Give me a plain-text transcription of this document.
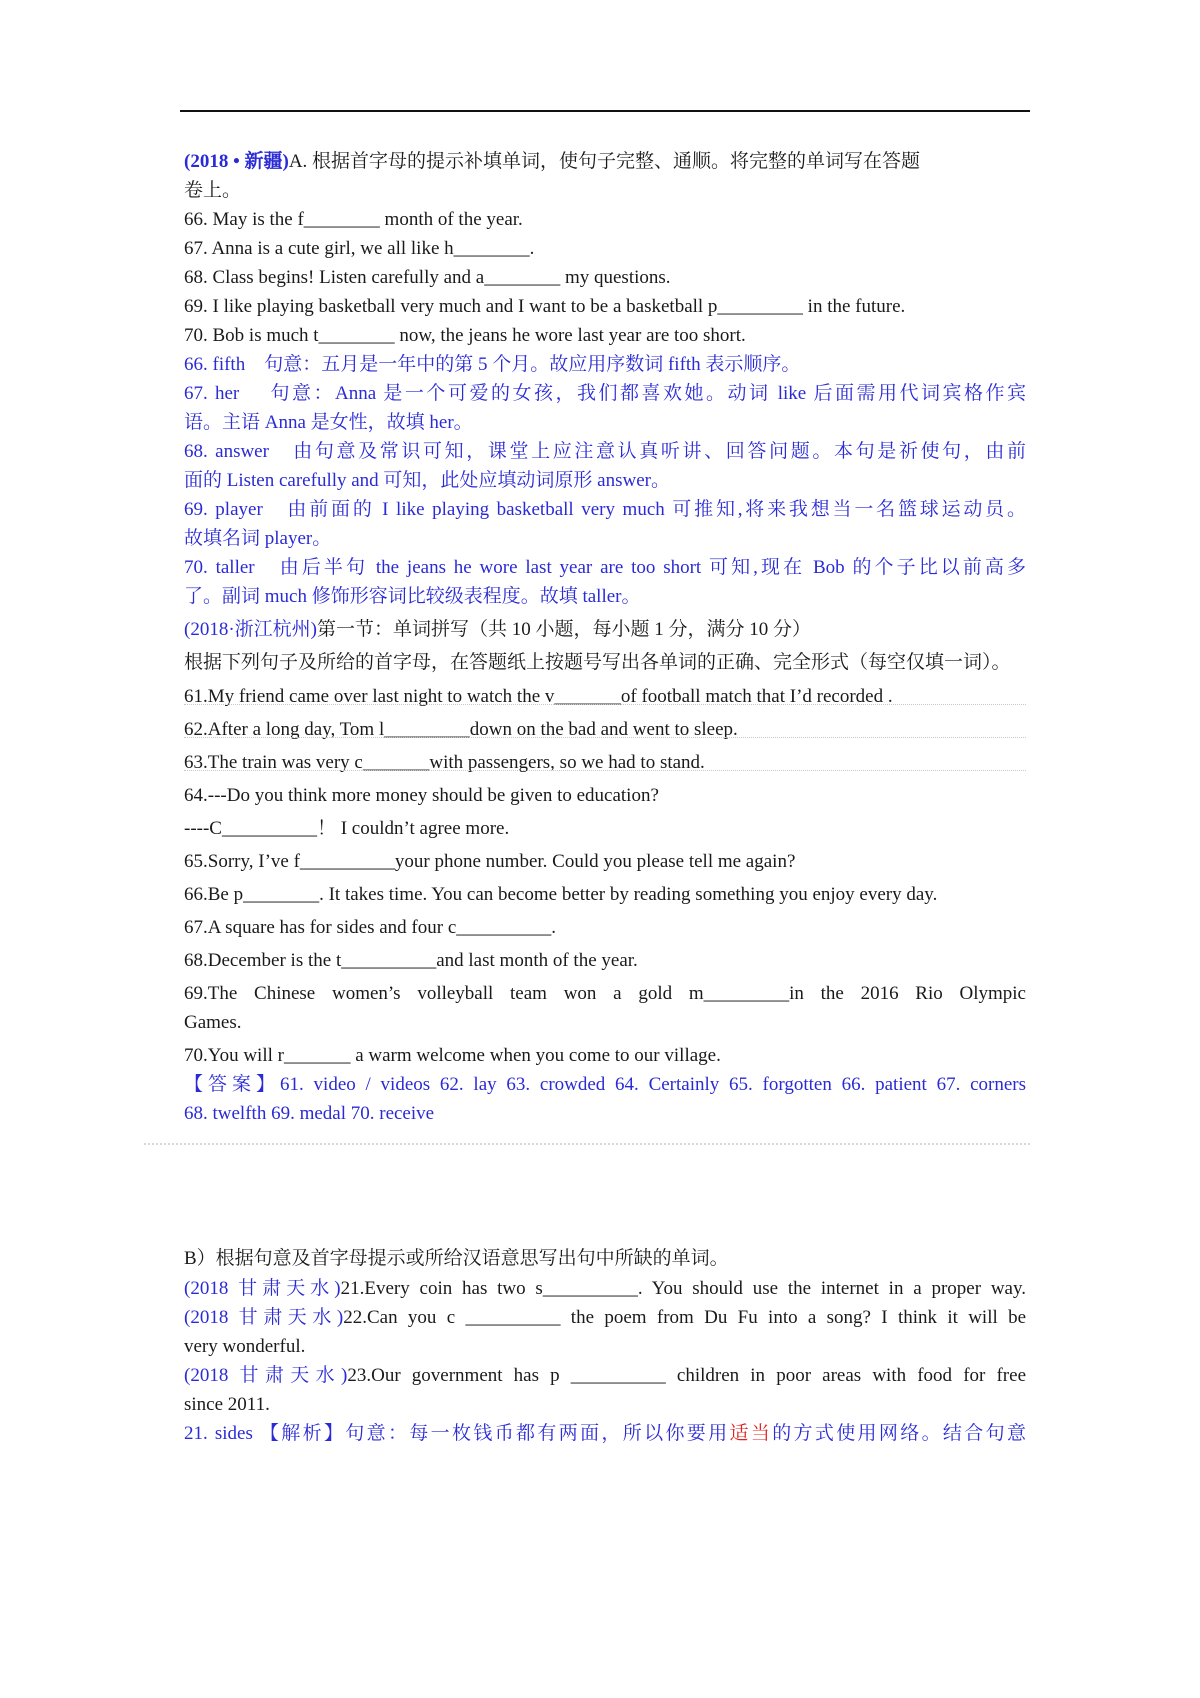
(2018 • 新疆)A. 根据首字母的提示补填单词，使句子完整、通顺。将完整的单词写在答题
卷上。
66. May is the f________ month of the year.
67. Anna is a cute girl, we all like h________.
68. Class begins! Listen carefully and a________ my questions.
69. I like playing basketball very much and I want to be a basketball p_________ in the future.
70. Bob is much t________ now, the jeans he wore last year are too short.
66. fifth　句意：五月是一年中的第 5 个月。故应用序数词 fifth 表示顺序。
67. her　 句意：Anna 是一个可爱的女孩，我们都喜欢她。动词 like 后面需用代词宾格作宾
语。主语 Anna 是女性，故填 her。
68. answer　由句意及常识可知，课堂上应注意认真听讲、回答问题。本句是祈使句，由前
面的 Listen carefully and 可知，此处应填动词原形 answer。
69. player　由前面的 I like playing basketball very much 可推知,将来我想当一名篮球运动员。
故填名词 player。
70. taller　由后半句 the jeans he wore last year are too short 可知,现在 Bob 的个子比以前高多
了。副词 much 修饰形容词比较级表程度。故填 taller。
(2018·浙江杭州)第一节：单词拼写（共 10 小题，每小题 1 分，满分 10 分）
根据下列句子及所给的首字母，在答题纸上按题号写出各单词的正确、完全形式（每空仅填一词）。
61.My friend came over last night to watch the v_______of football match that I’d recorded .
62.After a long day, Tom l_________down on the bad and went to sleep.
63.The train was very c_______with passengers, so we had to stand.
64.---Do you think more money should be given to education?
----C__________！ I couldn’t agree more.
65.Sorry, I’ve f__________your phone number. Could you please tell me again?
66.Be p________. It takes time. You can become better by reading something you enjoy every day.
67.A square has for sides and four c__________.
68.December is the t__________and last month of the year.
69.The Chinese women’s volleyball team won a gold m_________in the 2016 Rio Olympic
Games.
70.You will r_______ a warm welcome when you come to our village.
【答案】61. video / videos 62. lay 63. crowded 64. Certainly 65. forgotten 66. patient 67. corners
68. twelfth 69. medal 70. receive
B）根据句意及首字母提示或所给汉语意思写出句中所缺的单词。
(2018 甘肃天水)21.Every coin has two s__________. You should use the internet in a proper way.
(2018 甘肃天水)22.Can you c __________ the poem from Du Fu into a song? I think it will be
very wonderful.
(2018 甘肃天水)23.Our government has p __________ children in poor areas with food for free
since 2011.
21. sides 【解析】句意：每一枚钱币都有两面，所以你要用适当的方式使用网络。结合句意
